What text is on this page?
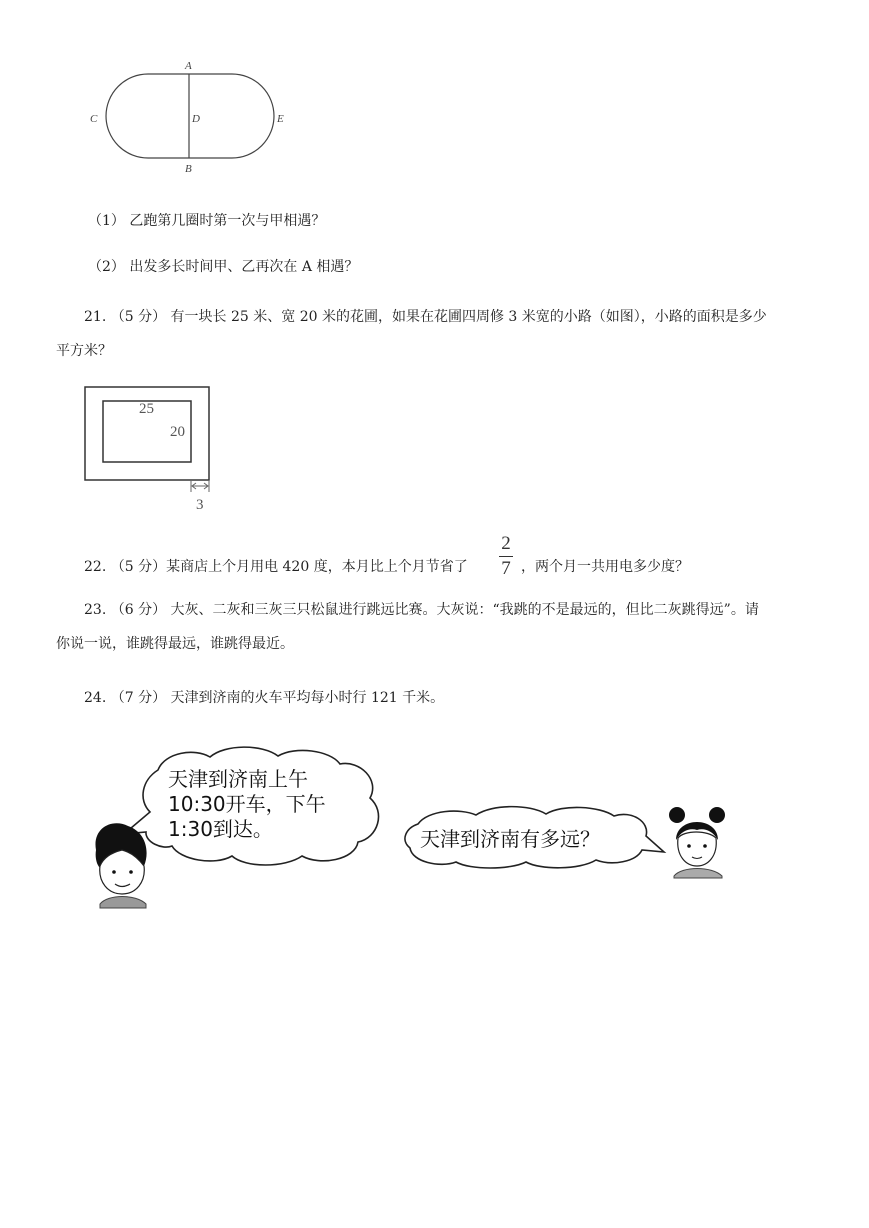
A
B
C	D	E
（1） 乙跑第几圈时第一次与甲相遇？
（2） 出发多长时间甲、乙再次在 A 相遇？
21. （5 分） 有一块长 25 米、宽 20 米的花圃，如果在花圃四周修 3 米宽的小路（如图），小路的面积是多少
平方米？
25
20
3
22. （5 分）某商店上个月用电 420 度，本月比上个月节省了
2
7 ，两个月一共用电多少度？
23. （6 分） 大灰、二灰和三灰三只松鼠进行跳远比赛。大灰说：“我跳的不是最远的，但比二灰跳得远”。请
你说一说，谁跳得最远，谁跳得最近。
24. （7 分） 天津到济南的火车平均每小时行 121 千米。
天津到济南上午
10:30开车，下午
1:30到达。	天津到济南有多远？
